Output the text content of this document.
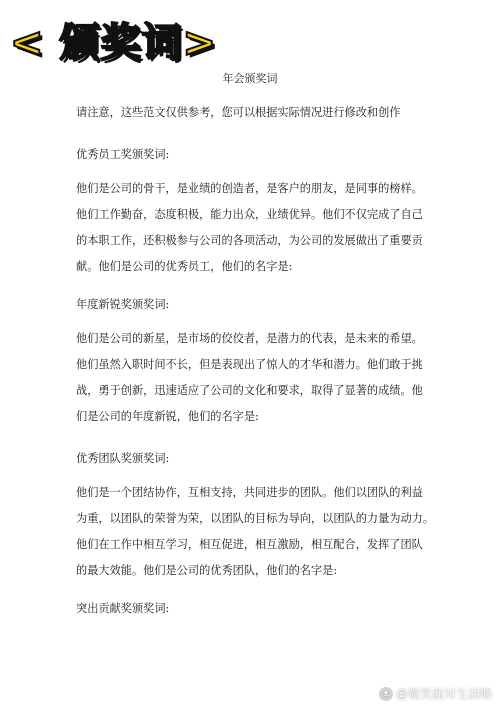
< 颁奖词>
年会颁奖词
请注意，这些范文仅供参考，您可以根据实际情况进行修改和创作
优秀员工奖颁奖词:
他们是公司的骨干，是业绩的创造者，是客户的朋友，是同事的榜样。
他们工作勤奋，态度积极，能力出众，业绩优异。他们不仅完成了自己
的本职工作，还积极参与公司的各项活动，为公司的发展做出了重要贡
献。他们是公司的优秀员工，他们的名字是:
年度新锐奖颁奖词:
他们是公司的新星，是市场的佼佼者，是潜力的代表，是未来的希望。
他们虽然入职时间不长，但是表现出了惊人的才华和潜力。他们敢于挑
战，勇于创新，迅速适应了公司的文化和要求，取得了显著的成绩。他
们是公司的年度新锐，他们的名字是:
优秀团队奖颁奖词:
他们是一个团结协作，互相支持，共同进步的团队。他们以团队的利益
为重，以团队的荣誉为荣，以团队的目标为导向，以团队的力量为动力。
他们在工作中相互学习，相互促进，相互激励，相互配合，发挥了团队
的最大效能。他们是公司的优秀团队，他们的名字是:
突出贡献奖颁奖词:
ᴥ @微笑面对生活略
